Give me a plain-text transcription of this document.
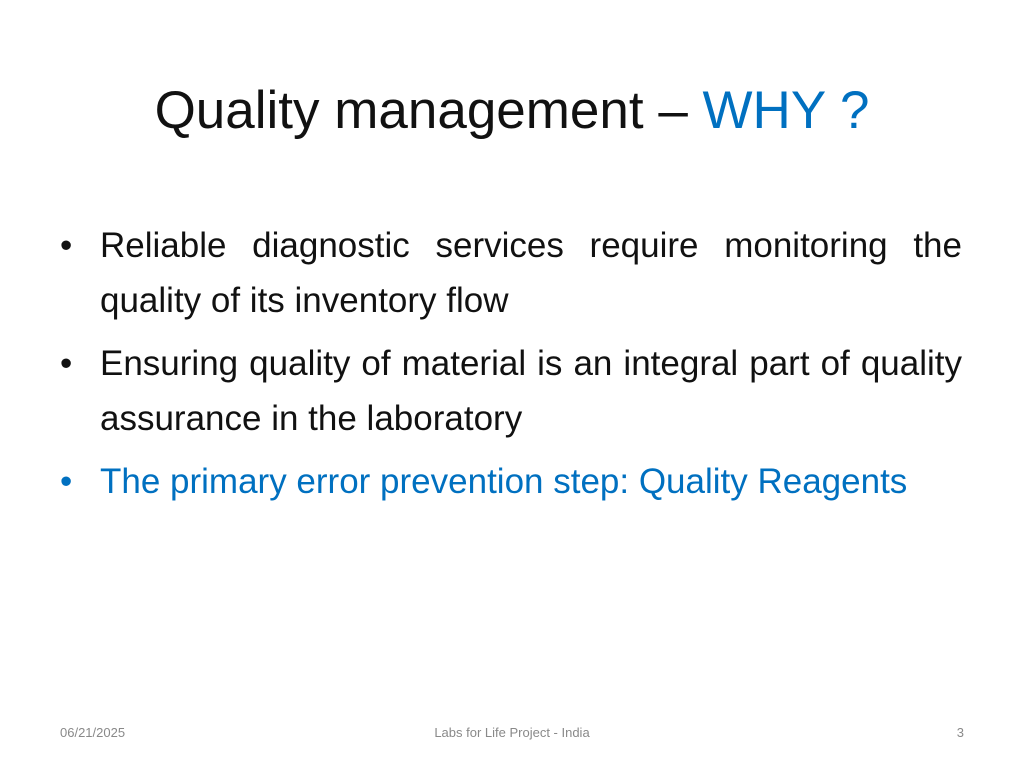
Quality management – WHY ?
• Reliable diagnostic services require monitoring the quality of its inventory flow
• Ensuring quality of material is an integral part of quality assurance in the laboratory
• The primary error prevention step: Quality Reagents
06/21/2025	Labs for Life Project - India	3
